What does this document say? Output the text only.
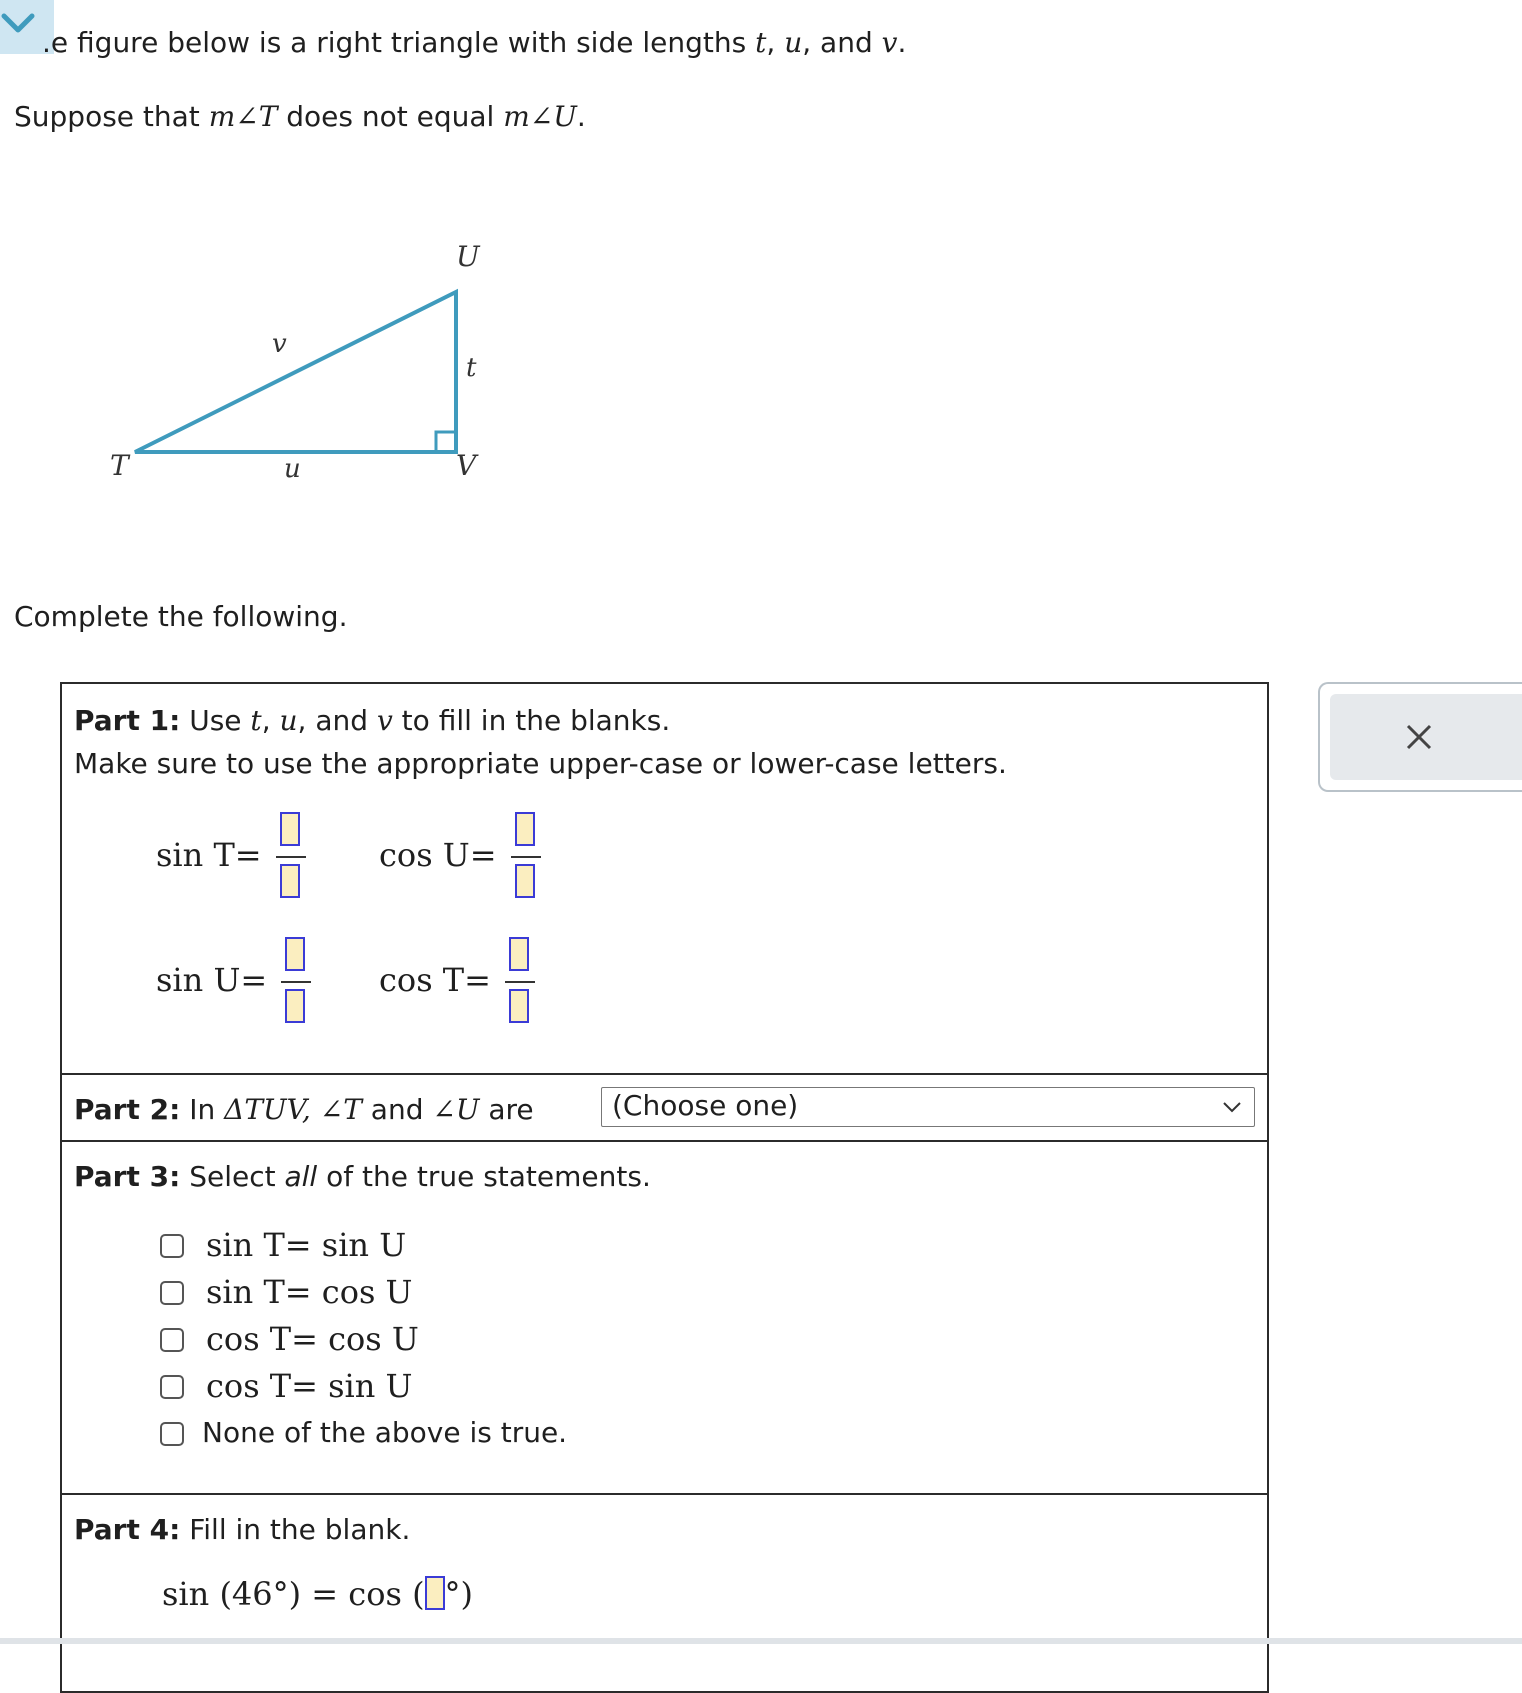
.e figure below is a right triangle with side lengths t, u, and v.
Suppose that m∠T does not equal m∠U.
T
U
V
v
t
u
Complete the following.
Part 1: Use t, u, and v to fill in the blanks.
Make sure to use the appropriate upper-case or lower-case letters.
sin T=	cos U=
sin U=	cos T=
Part 2: In ΔTUV, ∠T and ∠U are	(Choose one)
Part 3: Select all of the true statements.
sin T= sin U
sin T= cos U
cos T= cos U
cos T= sin U
None of the above is true.
Part 4: Fill in the blank.
sin (46°) = cos ( °)
